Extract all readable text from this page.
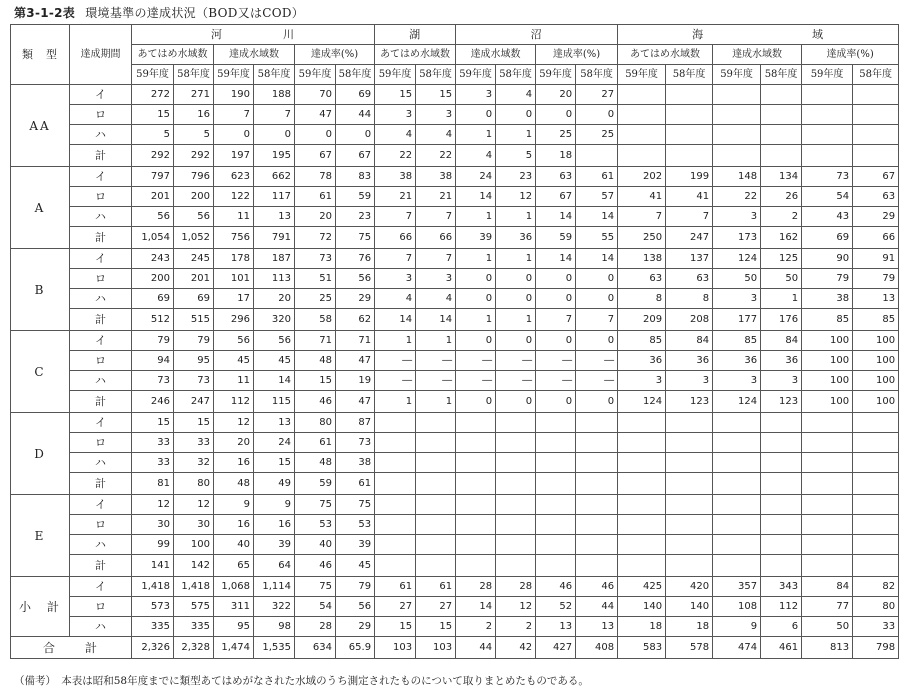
第3-1-2表 環境基準の達成状況（BOD又はCOD）
類　型	達成期間	河　　　　　川						湖		沼				海　　　　　　　　　域					
		あてはめ水域数		達成水域数		達成率(%)		あてはめ水域数		達成水域数		達成率(%)		あてはめ水域数		達成水域数		達成率(%)	
		59年度	58年度	59年度	58年度	59年度	58年度	59年度	58年度	59年度	58年度	59年度	58年度	59年度	58年度	59年度	58年度	59年度	58年度
AA	イ	272	271	190	188	70	69	15	15	3	4	20	27						
	ロ	15	16	7	7	47	44	3	3	0	0	0	0						
	ハ	5	5	0	0	0	0	4	4	1	1	25	25						
	計	292	292	197	195	67	67	22	22	4	5	18							
A	イ	797	796	623	662	78	83	38	38	24	23	63	61	202	199	148	134	73	67
	ロ	201	200	122	117	61	59	21	21	14	12	67	57	41	41	22	26	54	63
	ハ	56	56	11	13	20	23	7	7	1	1	14	14	7	7	3	2	43	29
	計	1,054	1,052	756	791	72	75	66	66	39	36	59	55	250	247	173	162	69	66
B	イ	243	245	178	187	73	76	7	7	1	1	14	14	138	137	124	125	90	91
	ロ	200	201	101	113	51	56	3	3	0	0	0	0	63	63	50	50	79	79
	ハ	69	69	17	20	25	29	4	4	0	0	0	0	8	8	3	1	38	13
	計	512	515	296	320	58	62	14	14	1	1	7	7	209	208	177	176	85	85
C	イ	79	79	56	56	71	71	1	1	0	0	0	0	85	84	85	84	100	100
	ロ	94	95	45	45	48	47	―	―	―	―	―	―	36	36	36	36	100	100
	ハ	73	73	11	14	15	19	―	―	―	―	―	―	3	3	3	3	100	100
	計	246	247	112	115	46	47	1	1	0	0	0	0	124	123	124	123	100	100
D	イ	15	15	12	13	80	87												
	ロ	33	33	20	24	61	73												
	ハ	33	32	16	15	48	38												
	計	81	80	48	49	59	61												
E	イ	12	12	9	9	75	75												
	ロ	30	30	16	16	53	53												
	ハ	99	100	40	39	40	39												
	計	141	142	65	64	46	45												
小　計	イ	1,418	1,418	1,068	1,114	75	79	61	61	28	28	46	46	425	420	357	343	84	82
	ロ	573	575	311	322	54	56	27	27	14	12	52	44	140	140	108	112	77	80
	ハ	335	335	95	98	28	29	15	15	2	2	13	13	18	18	9	6	50	33
合　　計		2,326	2,328	1,474	1,535	634	65.9	103	103	44	42	427	408	583	578	474	461	813	798
（備考）　本表は昭和58年度までに類型あてはめがなされた水域のうち測定されたものについて取りまとめたものである。
